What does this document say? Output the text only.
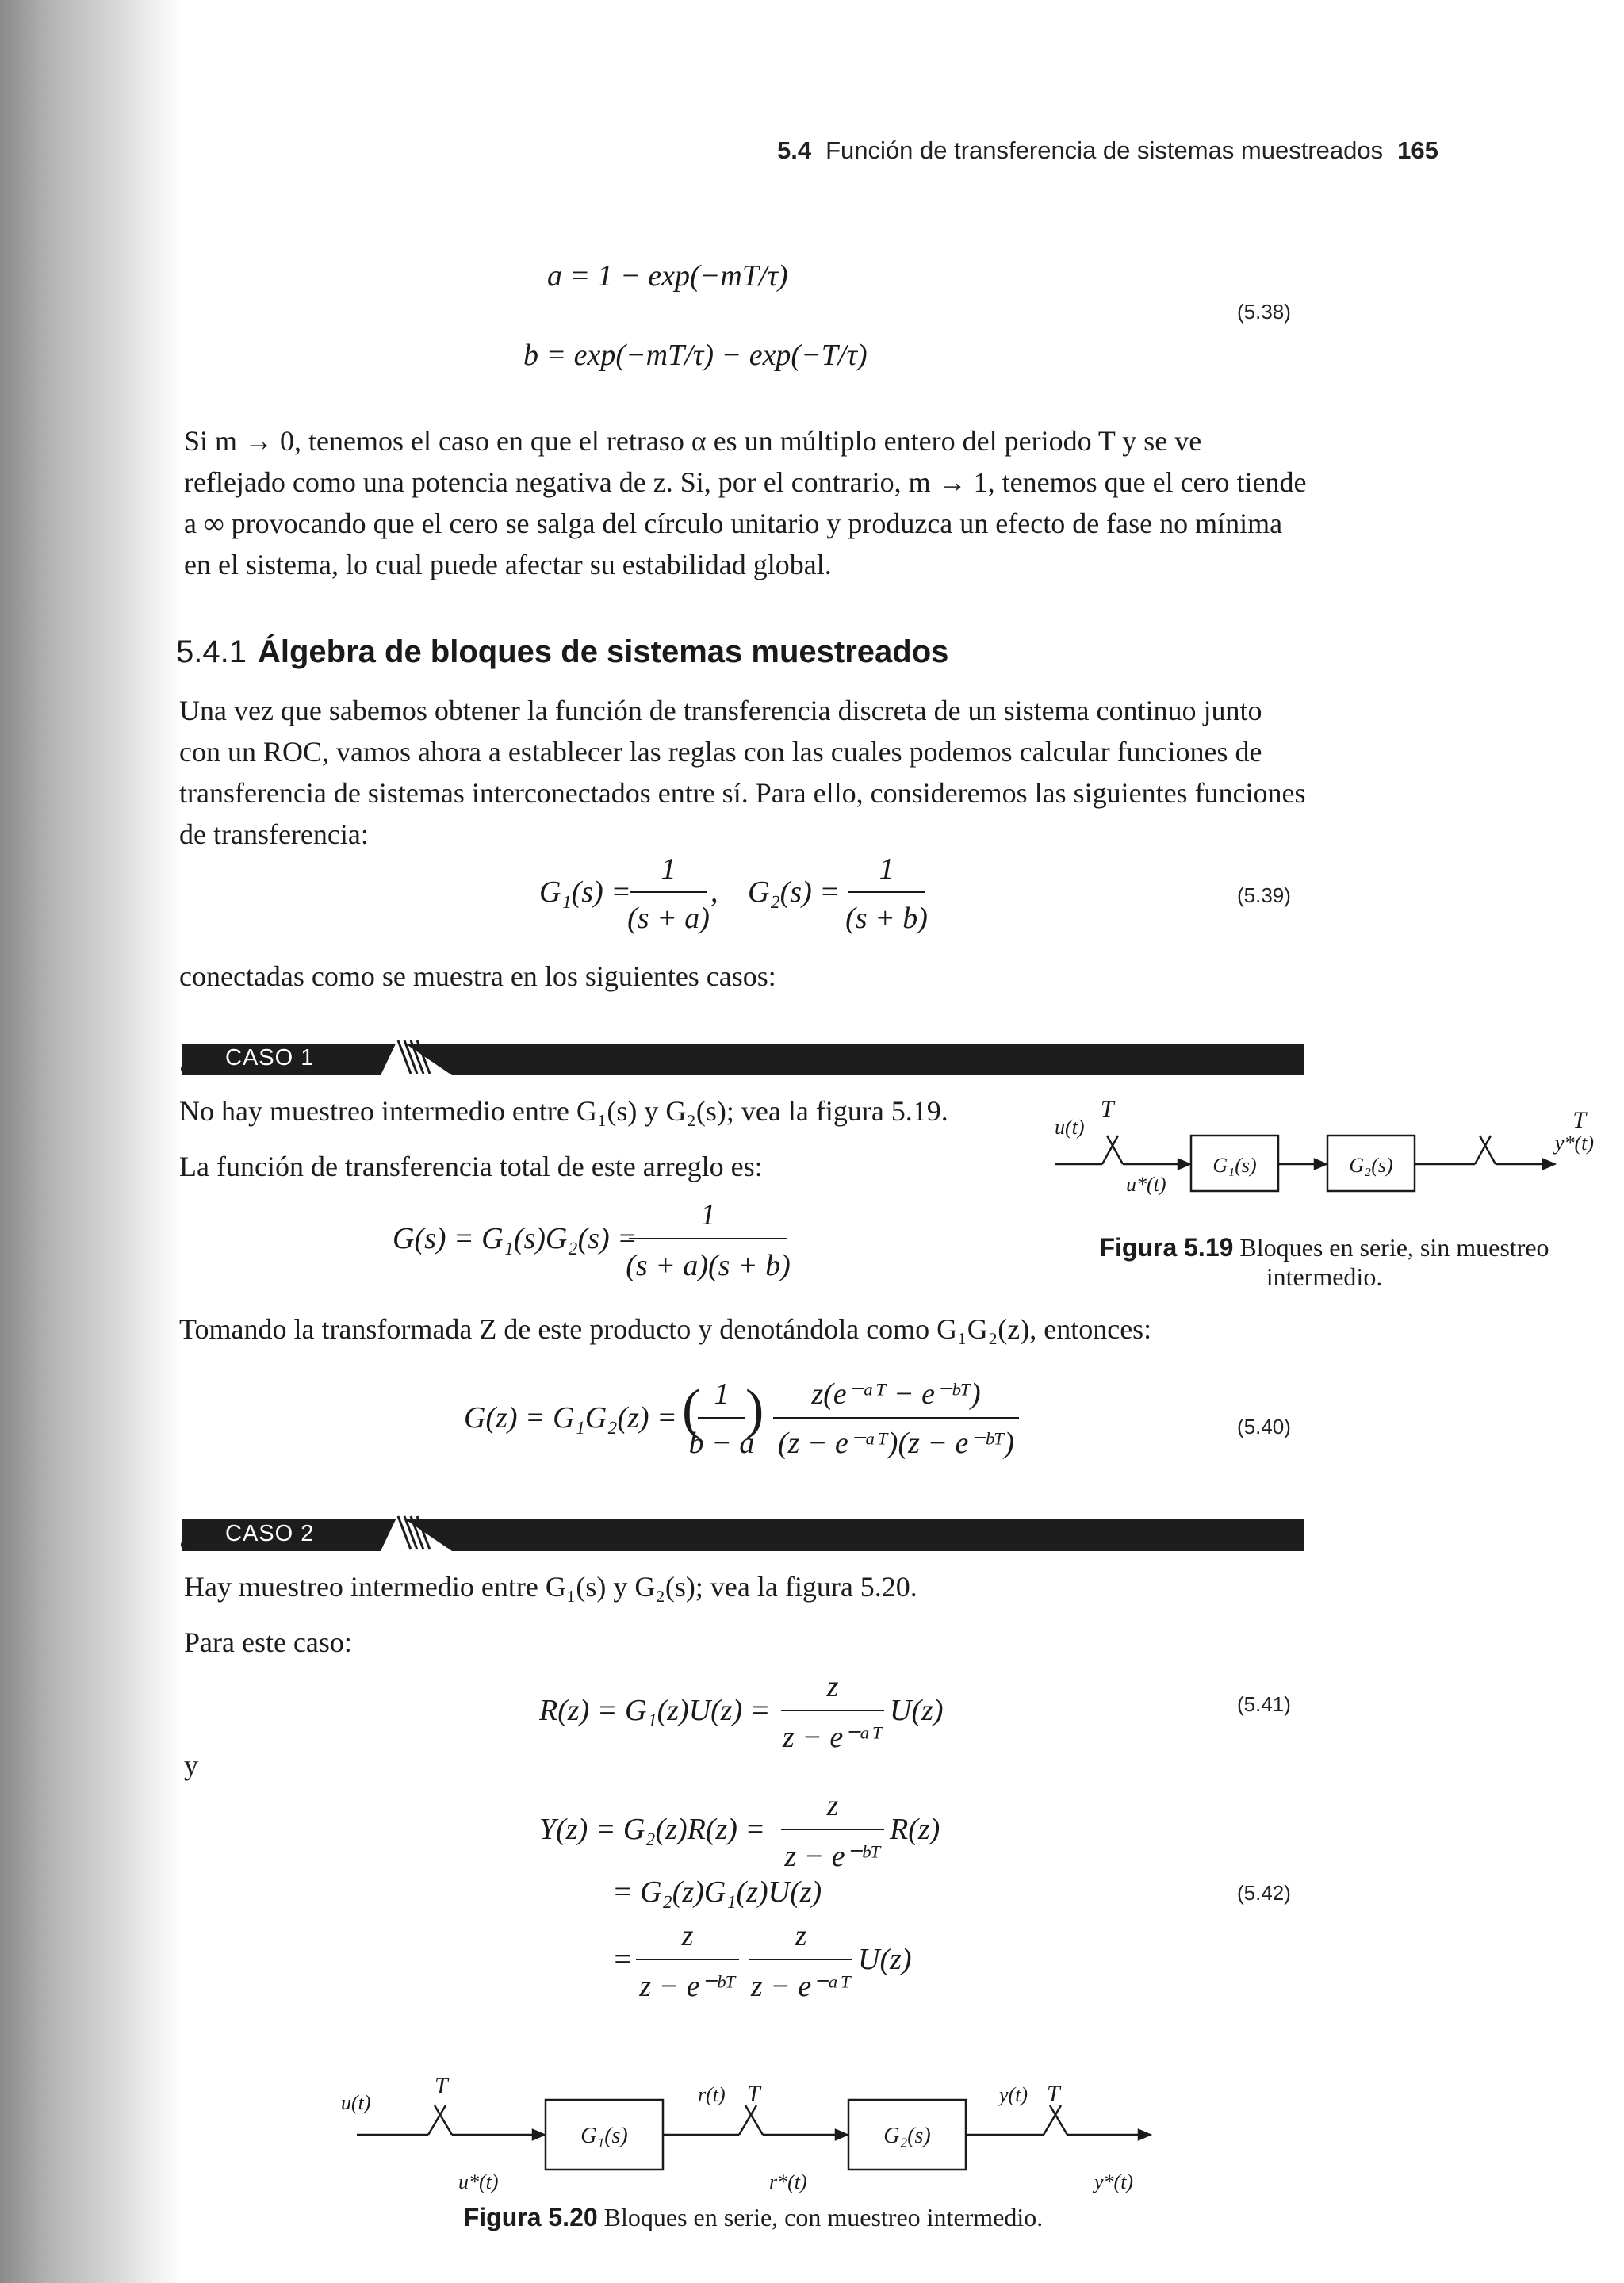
5.4 Función de transferencia de sistemas muestreados 165
a = 1 − exp(−mT/τ)
b = exp(−mT/τ) − exp(−T/τ)
(5.38)
Si m → 0, tenemos el caso en que el retraso α es un múltiplo entero del periodo T y se ve reflejado como una potencia negativa de z. Si, por el contrario, m → 1, tenemos que el cero tiende a ∞ provocando que el cero se salga del círculo unitario y produzca un efecto de fase no mínima en el sistema, lo cual puede afectar su estabilidad global.
5.4.1 Álgebra de bloques de sistemas muestreados
Una vez que sabemos obtener la función de transferencia discreta de un sistema continuo junto con un ROC, vamos ahora a establecer las reglas con las cuales podemos calcular funciones de transferencia de sistemas interconectados entre sí. Para ello, consideremos las siguientes funciones de transferencia:
G₁(s) =
1
(s + a)
, G₂(s) =
1
(s + b)
(5.39)
conectadas como se muestra en los siguientes casos:
CASO 1
No hay muestreo intermedio entre G₁(s) y G₂(s); vea la figura 5.19.
La función de transferencia total de este arreglo es:
G(s) = G₁(s)G₂(s) =
1
(s + a)(s + b)
u(t)
T
u*(t)
T
y*(t)
G₁(s)	G₂(s)
Figura 5.19 Bloques en serie, sin muestreo
intermedio.
Tomando la transformada Z de este producto y denotándola como G₁G₂(z), entonces:
G(z) = G₁G₂(z) = ( 1
b − a
) z(e⁻ᵃᵀ − e⁻ᵇᵀ)
(z − e⁻ᵃᵀ)(z − e⁻ᵇᵀ)	(5.40)
CASO 2
Hay muestreo intermedio entre G₁(s) y G₂(s); vea la figura 5.20.
Para este caso:
R(z) = G₁(z)U(z) =
z
z − e⁻ᵃᵀ
U(z)	(5.41)
y
Y(z) = G₂(z)R(z) =
z
z − e⁻ᵇᵀ
R(z)
= G₂(z)G₁(z)U(z)
=
z
z − e⁻ᵇᵀ
z
z − e⁻ᵃᵀ
U(z)
(5.42)
u(t)
T
u*(t)
r(t) T
r*(t)
y(t) T
y*(t)
G₁(s)	G₂(s)
Figura 5.20 Bloques en serie, con muestreo intermedio.
